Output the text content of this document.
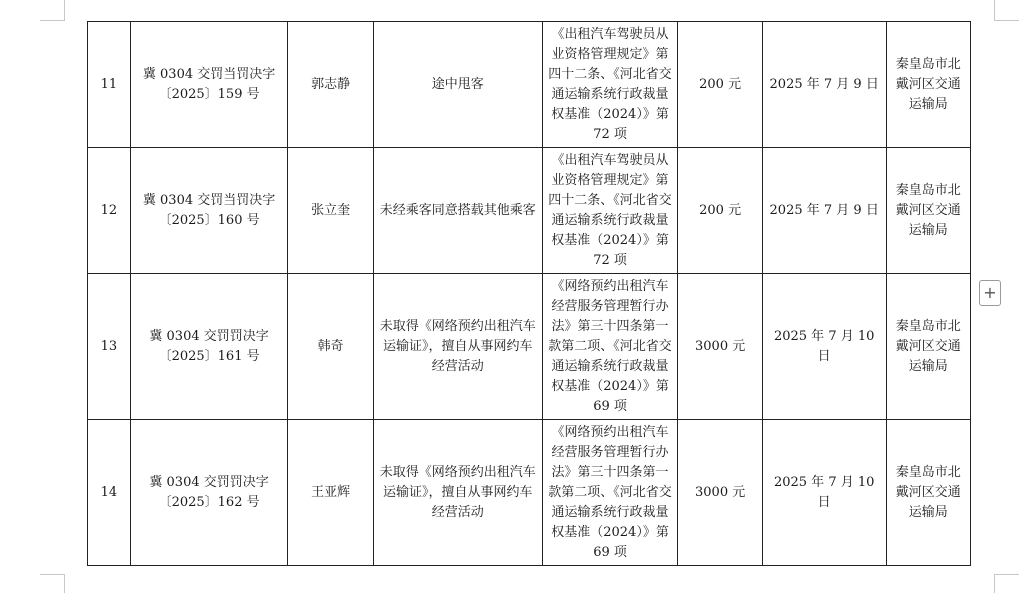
11	冀 0304 交罚当罚决字〔2025〕159 号	郭志静	途中甩客	《出租汽车驾驶员从业资格管理规定》第四十二条、《河北省交通运输系统行政裁量权基准（2024）》第 72 项	200 元	2025 年 7 月 9 日	秦皇岛市北戴河区交通运输局
12	冀 0304 交罚当罚决字〔2025〕160 号	张立奎	未经乘客同意搭载其他乘客	《出租汽车驾驶员从业资格管理规定》第四十二条、《河北省交通运输系统行政裁量权基准（2024）》第 72 项	200 元	2025 年 7 月 9 日	秦皇岛市北戴河区交通运输局
13	冀 0304 交罚罚决字〔2025〕161 号	韩奇	未取得《网络预约出租汽车运输证》，擅自从事网约车经营活动	《网络预约出租汽车经营服务管理暂行办法》第三十四条第一款第二项、《河北省交通运输系统行政裁量权基准（2024）》第 69 项	3000 元	2025 年 7 月 10 日	秦皇岛市北戴河区交通运输局
14	冀 0304 交罚罚决字〔2025〕162 号	王亚辉	未取得《网络预约出租汽车运输证》，擅自从事网约车经营活动	《网络预约出租汽车经营服务管理暂行办法》第三十四条第一款第二项、《河北省交通运输系统行政裁量权基准（2024）》第 69 项	3000 元	2025 年 7 月 10 日	秦皇岛市北戴河区交通运输局
+
